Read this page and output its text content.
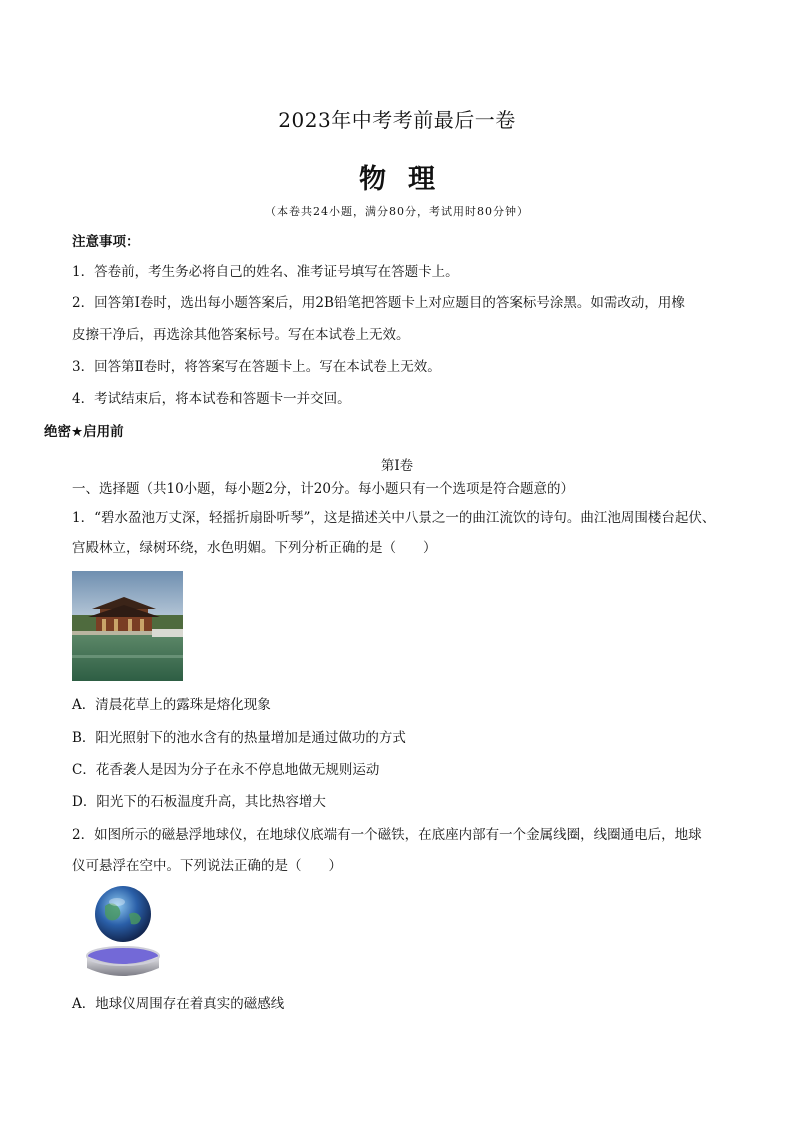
2023年中考考前最后一卷
物理
（本卷共24小题，满分80分，考试用时80分钟）
注意事项：
1．答卷前，考生务必将自己的姓名、准考证号填写在答题卡上。
2．回答第Ⅰ卷时，选出每小题答案后，用2B铅笔把答题卡上对应题目的答案标号涂黑。如需改动，用橡
皮擦干净后，再选涂其他答案标号。写在本试卷上无效。
3．回答第Ⅱ卷时，将答案写在答题卡上。写在本试卷上无效。
4．考试结束后，将本试卷和答题卡一并交回。
绝密★启用前
第Ⅰ卷
一、选择题（共10小题，每小题2分，计20分。每小题只有一个选项是符合题意的）
1．“碧水盈池万丈深，轻摇折扇卧听琴”，这是描述关中八景之一的曲江流饮的诗句。曲江池周围楼台起伏、
宫殿林立，绿树环绕，水色明媚。下列分析正确的是（　　）
A．清晨花草上的露珠是熔化现象
B．阳光照射下的池水含有的热量增加是通过做功的方式
C．花香袭人是因为分子在永不停息地做无规则运动
D．阳光下的石板温度升高，其比热容增大
2．如图所示的磁悬浮地球仪，在地球仪底端有一个磁铁，在底座内部有一个金属线圈，线圈通电后，地球
仪可悬浮在空中。下列说法正确的是（　　）
A．地球仪周围存在着真实的磁感线
